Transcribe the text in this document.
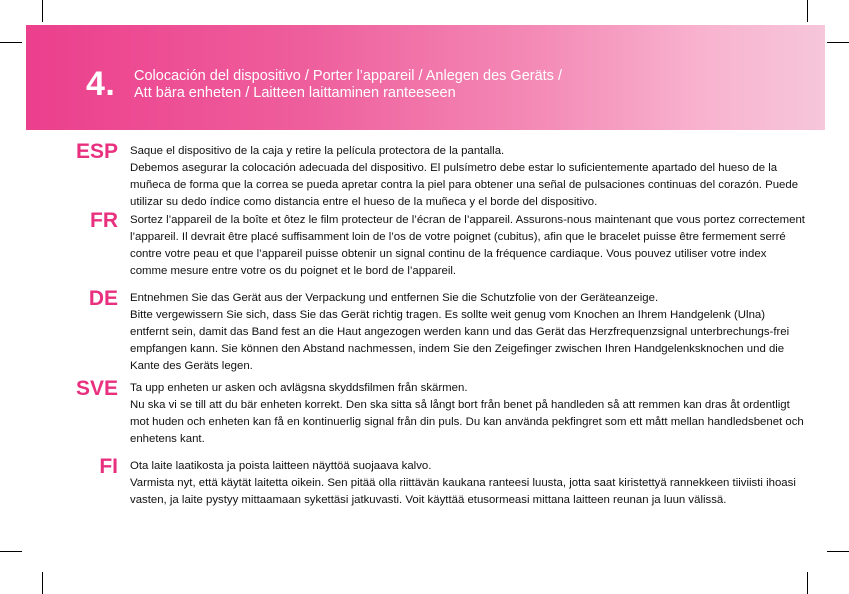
4. Colocación del dispositivo / Porter l’appareil / Anlegen des Geräts /
Att bära enheten / Laitteen laittaminen ranteeseen
ESP Saque el dispositivo de la caja y retire la película protectora de la pantalla.

Debemos asegurar la colocación adecuada del dispositivo. El pulsímetro debe estar lo suficientemente apartado del hueso de la muñeca de forma que la correa se pueda apretar contra la piel para obtener una señal de pulsaciones continuas del corazón. Puede utilizar su dedo índice como distancia entre el hueso de la muñeca y el borde del dispositivo.

FR Sortez l’appareil de la boîte et ôtez le film protecteur de l’écran de l’appareil. Assurons-nous maintenant que vous portez correctement l’appareil. Il devrait être placé suffisamment loin de l’os de votre poignet (cubitus), afin que le bracelet puisse être fermement serré contre votre peau et que l’appareil puisse obtenir un signal continu de la fréquence cardiaque. Vous pouvez utiliser votre index comme mesure entre votre os du poignet et le bord de l’appareil.

DE Entnehmen Sie das Gerät aus der Verpackung und entfernen Sie die Schutzfolie von der Geräteanzeige.

Bitte vergewissern Sie sich, dass Sie das Gerät richtig tragen. Es sollte weit genug vom Knochen an Ihrem Handgelenk (Ulna) entfernt sein, damit das Band fest an die Haut angezogen werden kann und das Gerät das Herzfrequenzsignal unterbrechungs-frei empfangen kann. Sie können den Abstand nachmessen, indem Sie den Zeigefinger zwischen Ihren Handgelenksknochen und die Kante des Geräts legen.

SVE Ta upp enheten ur asken och avlägsna skyddsfilmen från skärmen.

Nu ska vi se till att du bär enheten korrekt. Den ska sitta så långt bort från benet på handleden så att remmen kan dras åt ordentligt mot huden och enheten kan få en kontinuerlig signal från din puls. Du kan använda pekfingret som ett mått mellan handledsbenet och enhetens kant.

FI Ota laite laatikosta ja poista laitteen näyttöä suojaava kalvo.

Varmista nyt, että käytät laitetta oikein. Sen pitää olla riittävän kaukana ranteesi luusta, jotta saat kiristettyä rannekkeen tiiviisti ihoasi vasten, ja laite pystyy mittaamaan sykettäsi jatkuvasti. Voit käyttää etusormeasi mittana laitteen reunan ja luun välissä.
